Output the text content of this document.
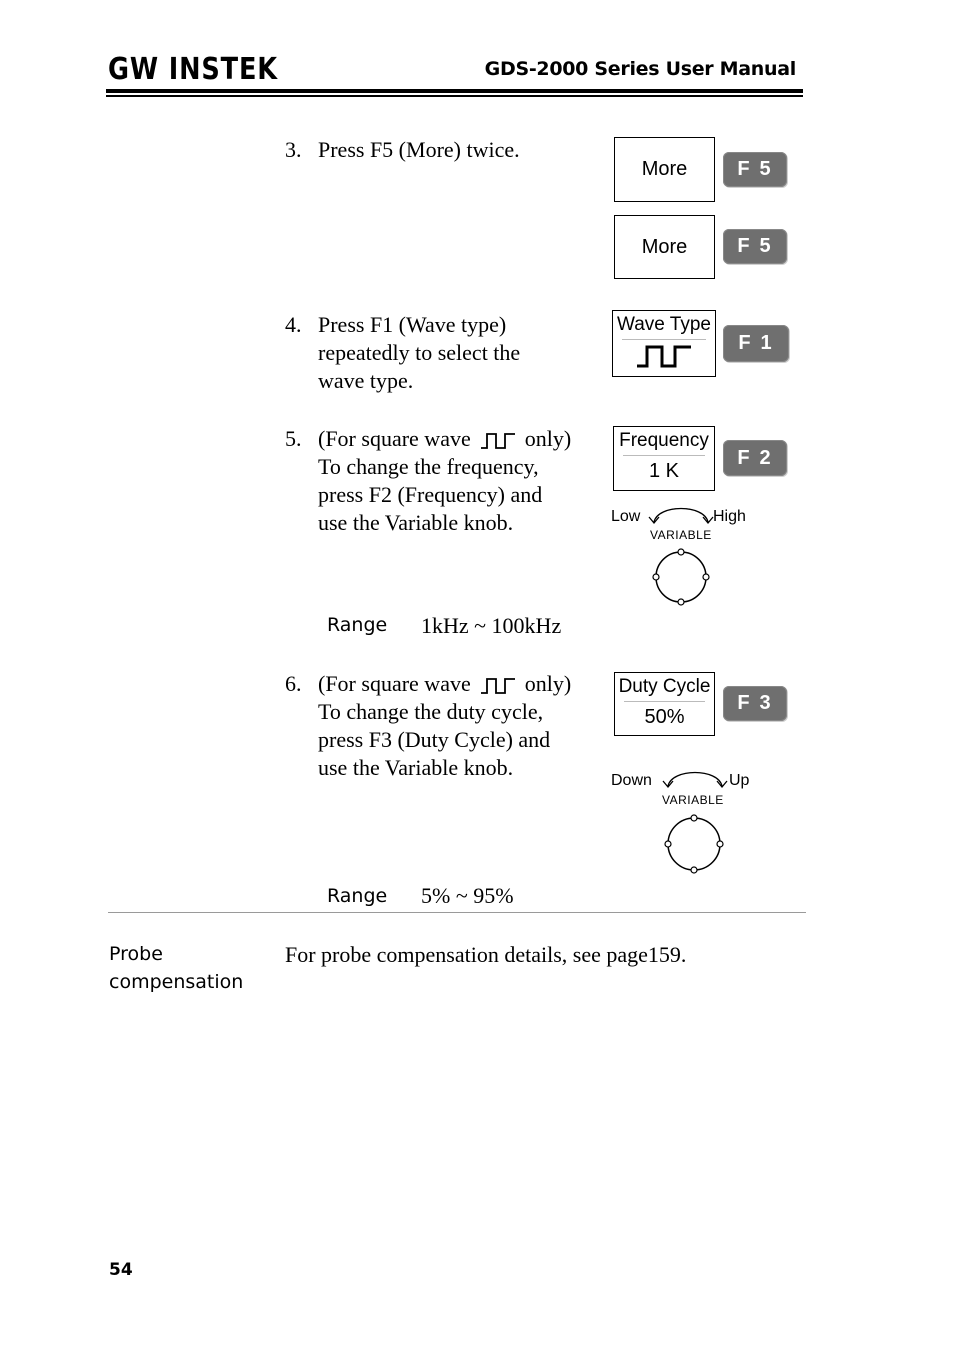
GW INSTEK	GDS-2000 Series User Manual
3. Press F5 (More) twice.
More	F5
More	F5
4. Press F1 (Wave type)
repeatedly to select the
wave type.
Wave Type
F1
5. (For square wave only)
To change the frequency,
press F2 (Frequency) and
use the Variable knob.
Frequency
1 K
F2
Low	High
VARIABLE
Range 1kHz ~ 100kHz
6. (For square wave only)
To change the duty cycle,
press F3 (Duty Cycle) and
use the Variable knob.
Duty Cycle
50%
F3
Down	Up
VARIABLE
Range 5% ~ 95%
Probe
compensation
For probe compensation details, see page159.
54
